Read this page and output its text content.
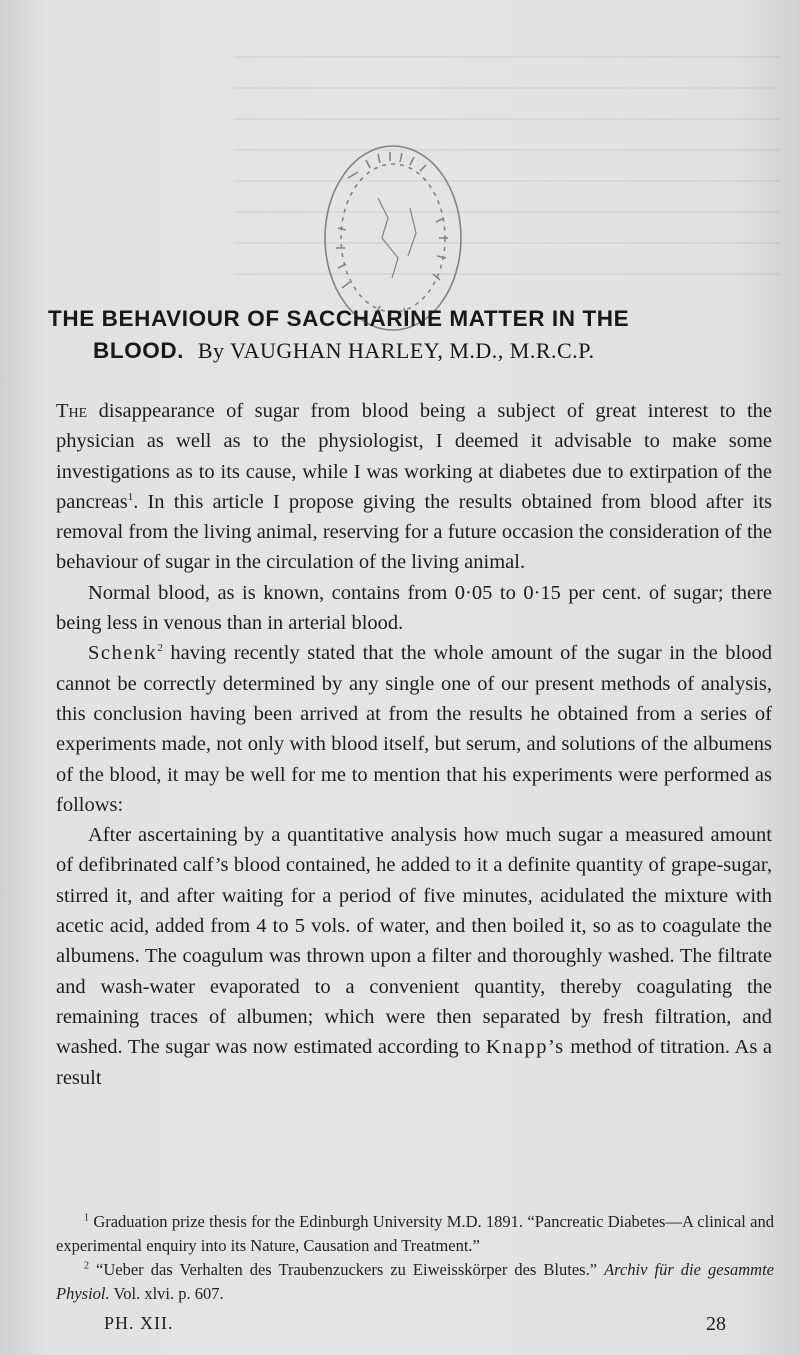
——————————————————————————
——————————————————————————
——————————————————————————
——————————————————————————
——————————————————————————
——————————————————————————
——————————————————————————
——————————————————————————
THE BEHAVIOUR OF SACCHARINE MATTER IN THE
BLOOD. By VAUGHAN HARLEY, M.D., M.R.C.P.

The disappearance of sugar from blood being a subject of great interest to the physician as well as to the physiologist, I deemed it advisable to make some investigations as to its cause, while I was working at diabetes due to extirpation of the pancreas$^1$. In this article I propose giving the results obtained from blood after its removal from the living animal, reserving for a future occasion the consideration of the behaviour of sugar in the circulation of the living animal.

Normal blood, as is known, contains from 0·05 to 0·15 per cent. of sugar; there being less in venous than in arterial blood.

Schenk$^2$ having recently stated that the whole amount of the sugar in the blood cannot be correctly determined by any single one of our present methods of analysis, this conclusion having been arrived at from the results he obtained from a series of experiments made, not only with blood itself, but serum, and solutions of the albumens of the blood, it may be well for me to mention that his experiments were performed as follows:

After ascertaining by a quantitative analysis how much sugar a measured amount of defibrinated calf’s blood contained, he added to it a definite quantity of grape-sugar, stirred it, and after waiting for a period of five minutes, acidulated the mixture with acetic acid, added from 4 to 5 vols. of water, and then boiled it, so as to coagulate the albumens. The coagulum was thrown upon a filter and thoroughly washed. The filtrate and wash-water evaporated to a convenient quantity, thereby coagulating the remaining traces of albumen; which were then separated by fresh filtration, and washed. The sugar was now estimated according to Knapp’s method of titration. As a result

$^1$ Graduation prize thesis for the Edinburgh University M.D. 1891. “Pancreatic Diabetes—A clinical and experimental enquiry into its Nature, Causation and Treatment.”

$^2$ “Ueber das Verhalten des Traubenzuckers zu Eiweisskörper des Blutes.” Archiv für die gesammte Physiol. Vol. xlvi. p. 607.

PH. XII.	28
